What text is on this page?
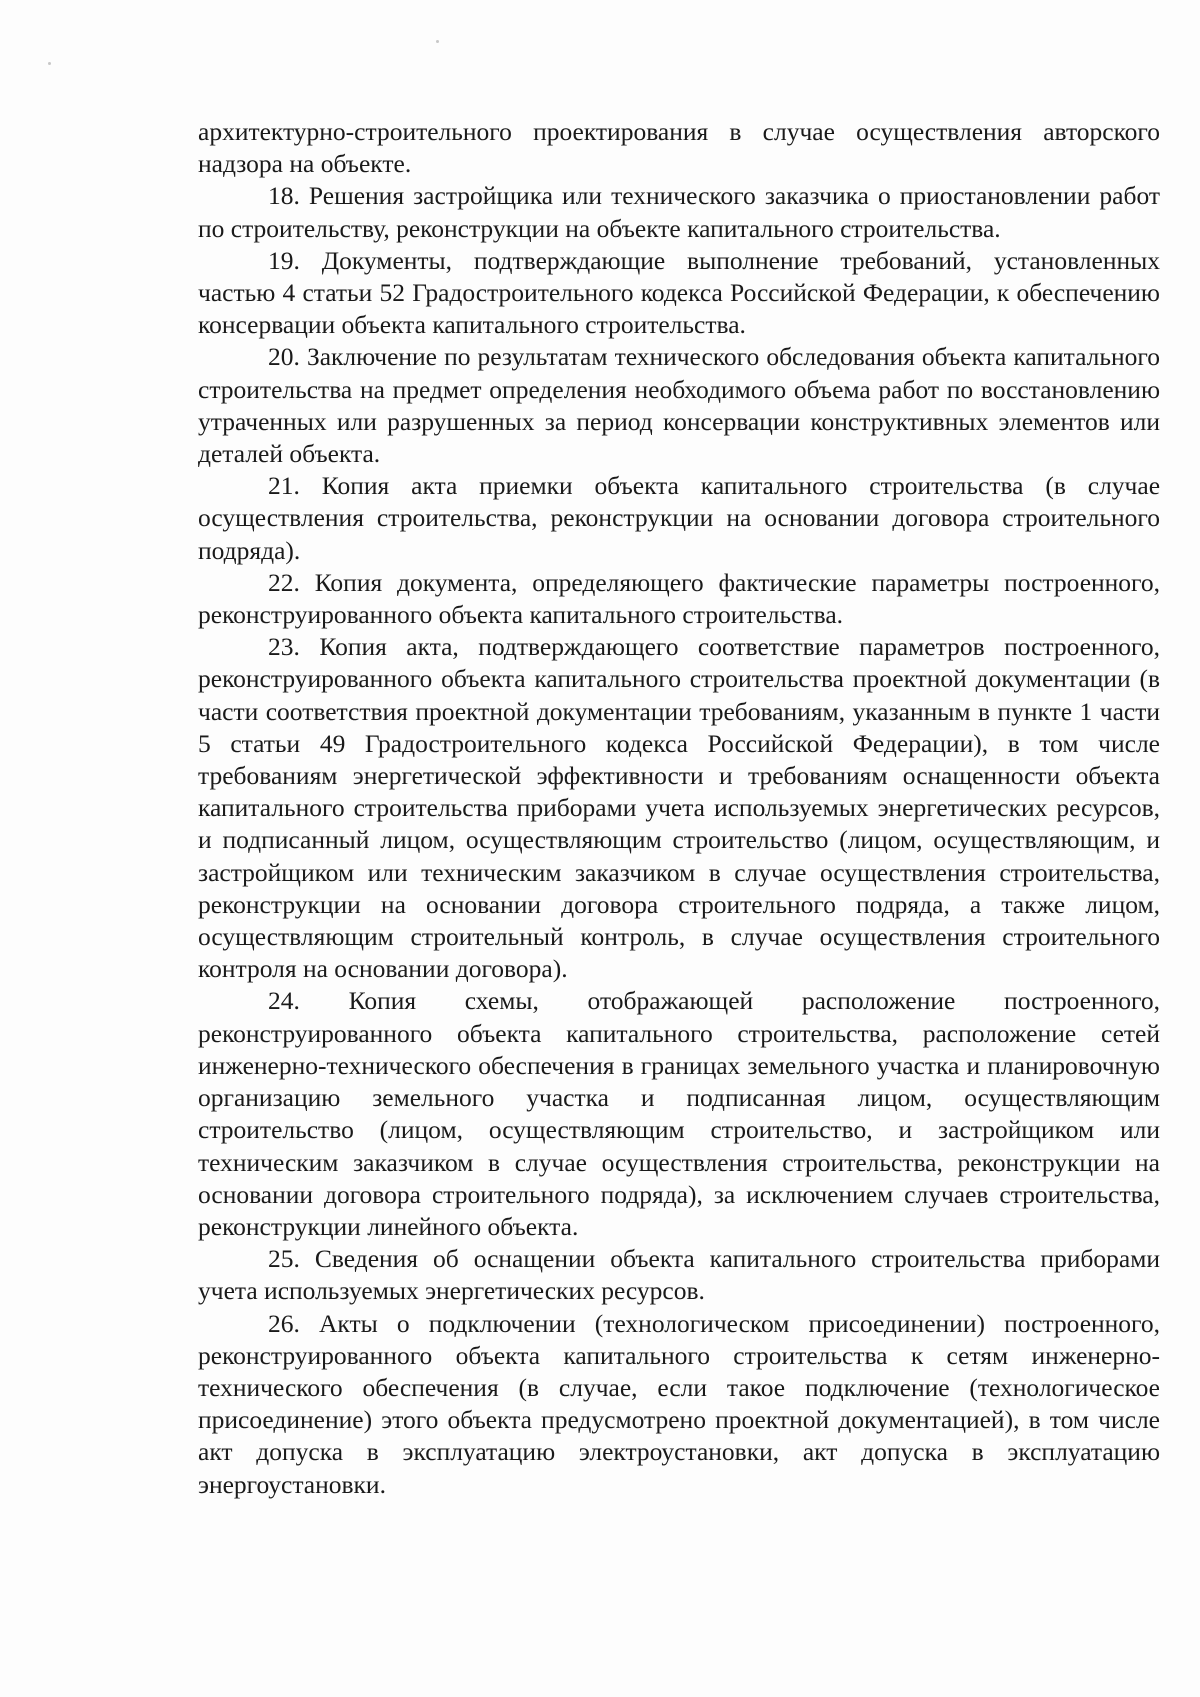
архитектурно-строительного проектирования в случае осуществления авторского надзора на объекте.

18. Решения застройщика или технического заказчика о приостановлении работ по строительству, реконструкции на объекте капитального строительства.

19. Документы, подтверждающие выполнение требований, установленных частью 4 статьи 52 Градостроительного кодекса Российской Федерации, к обеспечению консервации объекта капитального строительства.

20. Заключение по результатам технического обследования объекта капитального строительства на предмет определения необходимого объема работ по восстановлению утраченных или разрушенных за период консервации конструктивных элементов или деталей объекта.

21. Копия акта приемки объекта капитального строительства (в случае осуществления строительства, реконструкции на основании договора строительного подряда).

22. Копия документа, определяющего фактические параметры построенного, реконструированного объекта капитального строительства.

23. Копия акта, подтверждающего соответствие параметров построенного, реконструированного объекта капитального строительства проектной документации (в части соответствия проектной документации требованиям, указанным в пункте 1 части 5 статьи 49 Градостроительного кодекса Российской Федерации), в том числе требованиям энергетической эффективности и требованиям оснащенности объекта капитального строительства приборами учета используемых энергетических ресурсов, и подписанный лицом, осуществляющим строительство (лицом, осуществляющим, и застройщиком или техническим заказчиком в случае осуществления строительства, реконструкции на основании договора строительного подряда, а также лицом, осуществляющим строительный контроль, в случае осуществления строительного контроля на основании договора).

24. Копия схемы, отображающей расположение построенного, реконструированного объекта капитального строительства, расположение сетей инженерно-технического обеспечения в границах земельного участка и планировочную организацию земельного участка и подписанная лицом, осуществляющим строительство (лицом, осуществляющим строительство, и застройщиком или техническим заказчиком в случае осуществления строительства, реконструкции на основании договора строительного подряда), за исключением случаев строительства, реконструкции линейного объекта.

25. Сведения об оснащении объекта капитального строительства приборами учета используемых энергетических ресурсов.

26. Акты о подключении (технологическом присоединении) построенного, реконструированного объекта капитального строительства к сетям инженерно-технического обеспечения (в случае, если такое подключение (технологическое присоединение) этого объекта предусмотрено проектной документацией), в том числе акт допуска в эксплуатацию электроустановки, акт допуска в эксплуатацию энергоустановки.
